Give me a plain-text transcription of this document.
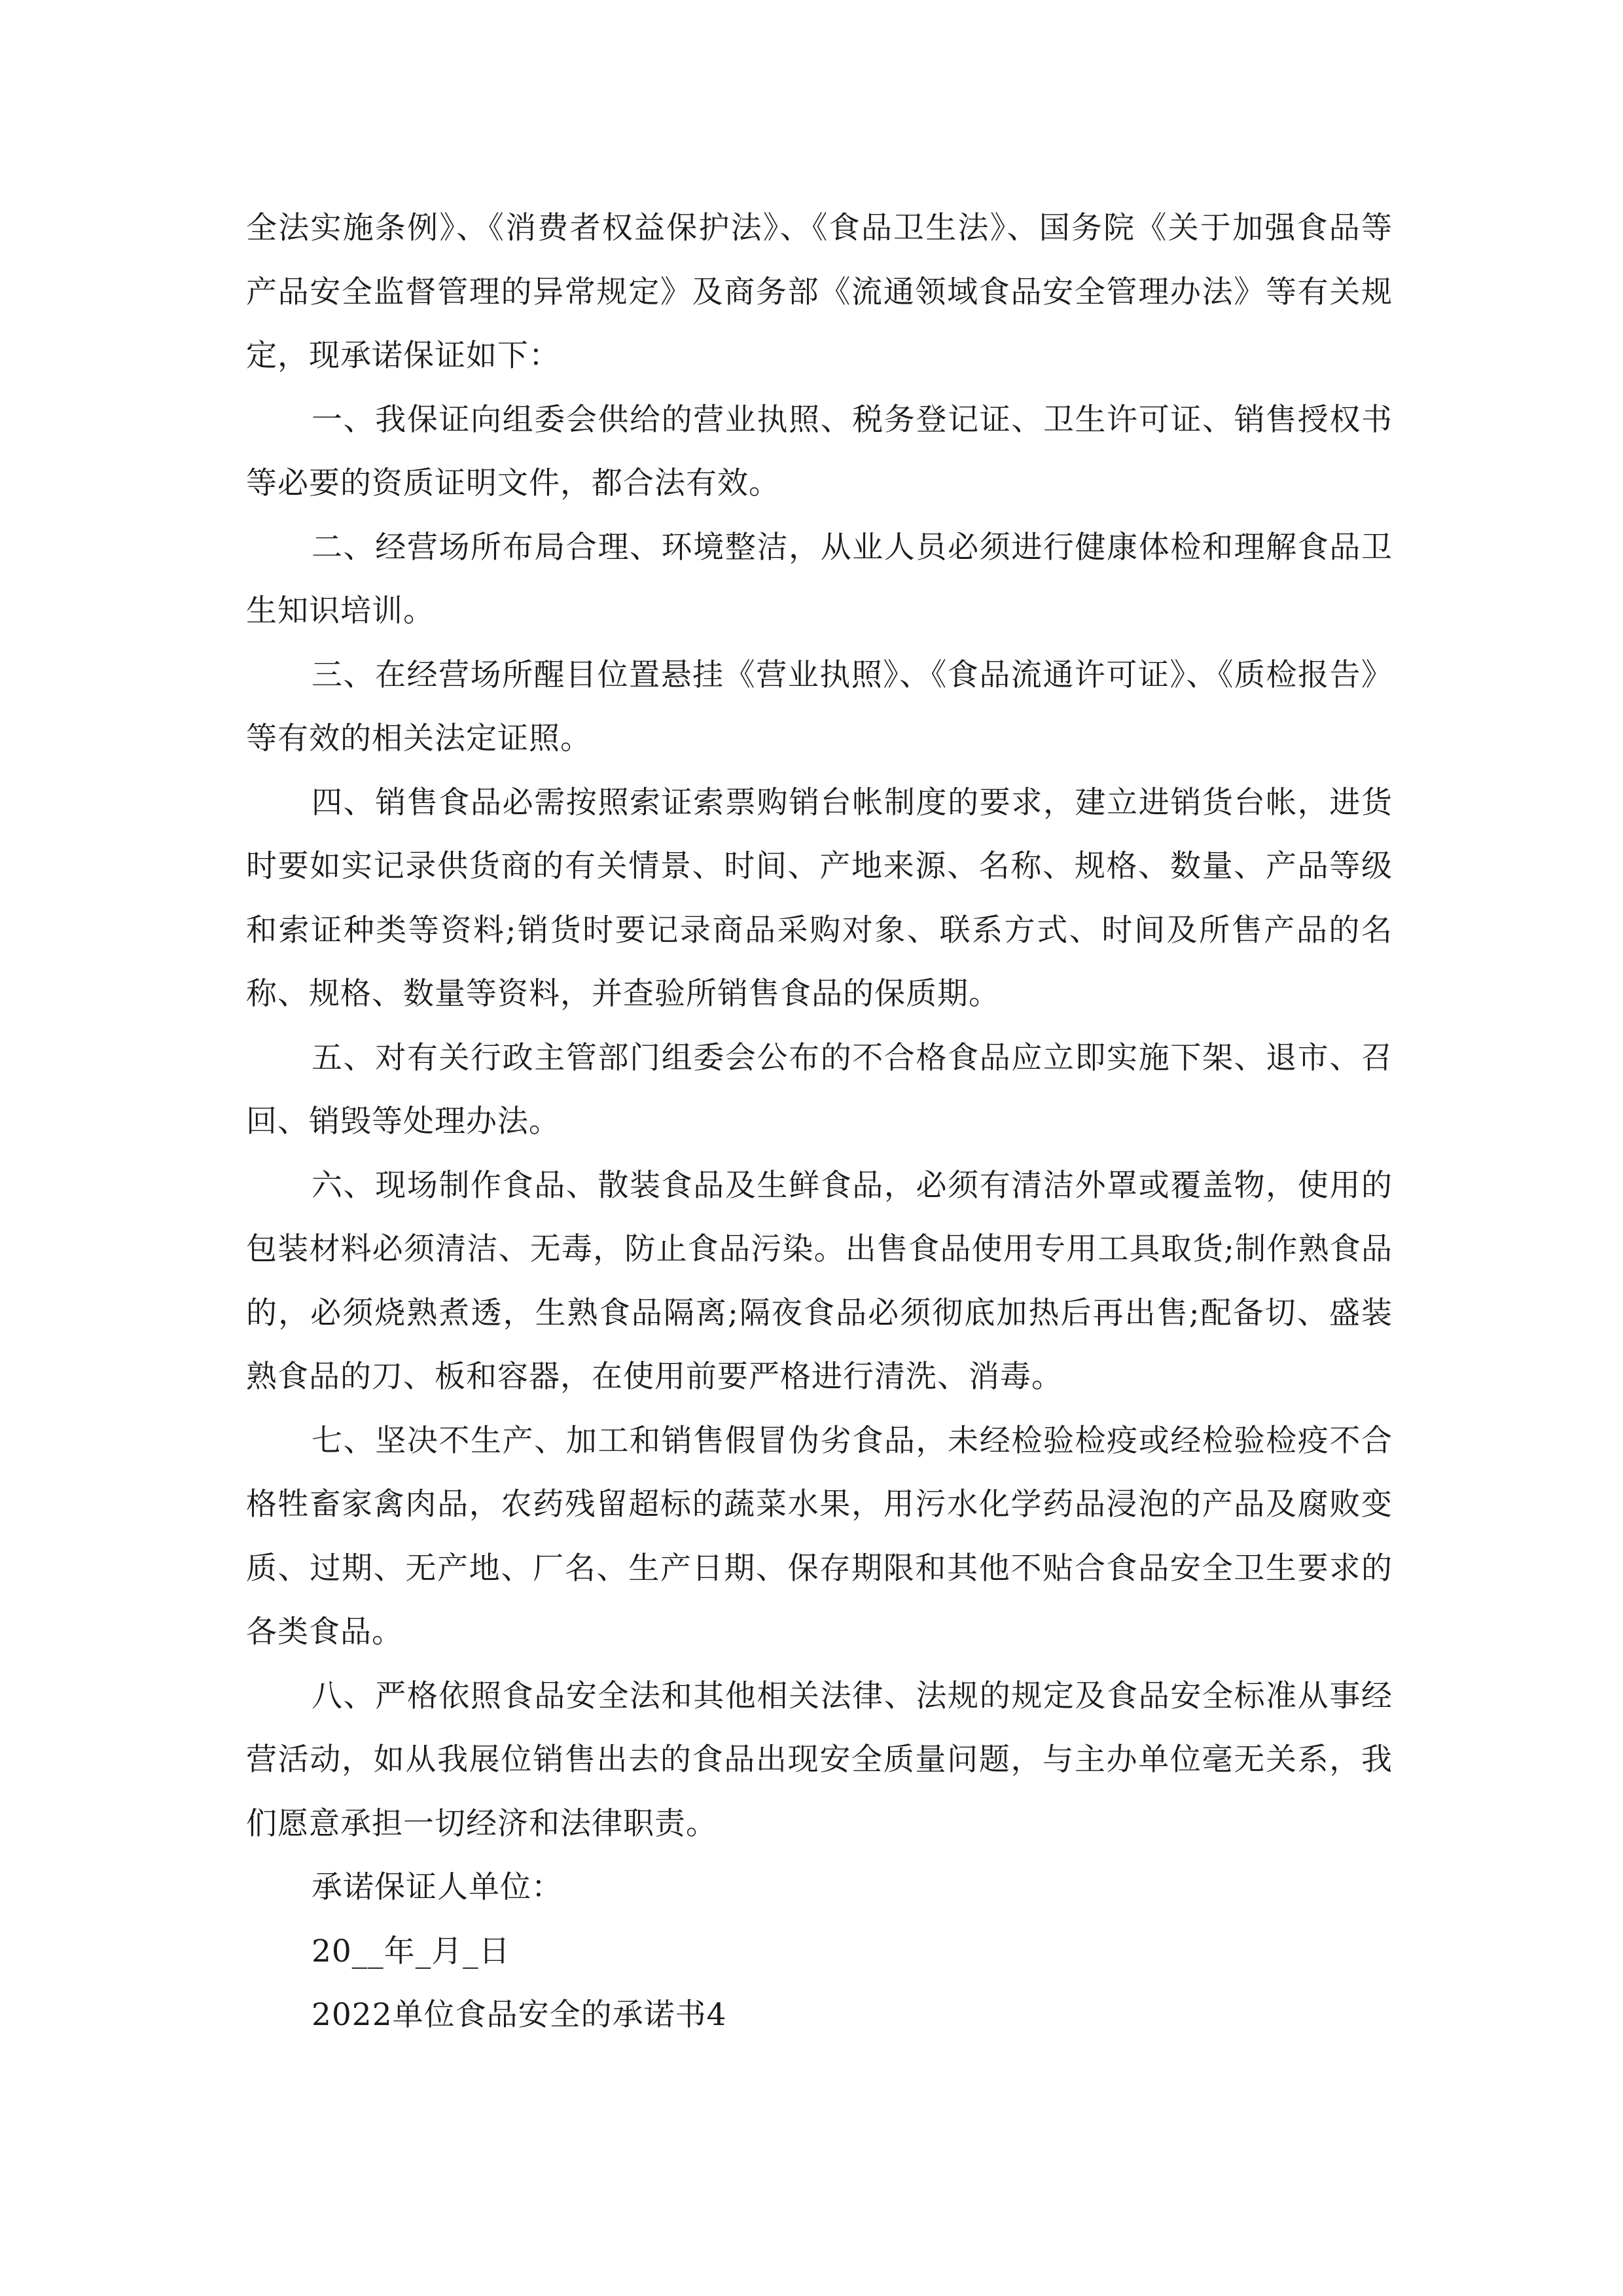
全法实施条例》、《消费者权益保护法》、《食品卫生法》、国务院《关于加强食品等产品安全监督管理的异常规定》及商务部《流通领域食品安全管理办法》等有关规定，现承诺保证如下：

一、我保证向组委会供给的营业执照、税务登记证、卫生许可证、销售授权书等必要的资质证明文件，都合法有效。

二、经营场所布局合理、环境整洁，从业人员必须进行健康体检和理解食品卫生知识培训。

三、在经营场所醒目位置悬挂《营业执照》、《食品流通许可证》、《质检报告》等有效的相关法定证照。

四、销售食品必需按照索证索票购销台帐制度的要求，建立进销货台帐，进货时要如实记录供货商的有关情景、时间、产地来源、名称、规格、数量、产品等级和索证种类等资料;销货时要记录商品采购对象、联系方式、时间及所售产品的名称、规格、数量等资料，并查验所销售食品的保质期。

五、对有关行政主管部门组委会公布的不合格食品应立即实施下架、退市、召回、销毁等处理办法。

六、现场制作食品、散装食品及生鲜食品，必须有清洁外罩或覆盖物，使用的包装材料必须清洁、无毒，防止食品污染。出售食品使用专用工具取货;制作熟食品的，必须烧熟煮透，生熟食品隔离;隔夜食品必须彻底加热后再出售;配备切、盛装熟食品的刀、板和容器，在使用前要严格进行清洗、消毒。

七、坚决不生产、加工和销售假冒伪劣食品，未经检验检疫或经检验检疫不合格牲畜家禽肉品，农药残留超标的蔬菜水果，用污水化学药品浸泡的产品及腐败变质、过期、无产地、厂名、生产日期、保存期限和其他不贴合食品安全卫生要求的各类食品。

八、严格依照食品安全法和其他相关法律、法规的规定及食品安全标准从事经营活动，如从我展位销售出去的食品出现安全质量问题，与主办单位毫无关系，我们愿意承担一切经济和法律职责。

承诺保证人单位：
20__年_月_日
2022单位食品安全的承诺书4
